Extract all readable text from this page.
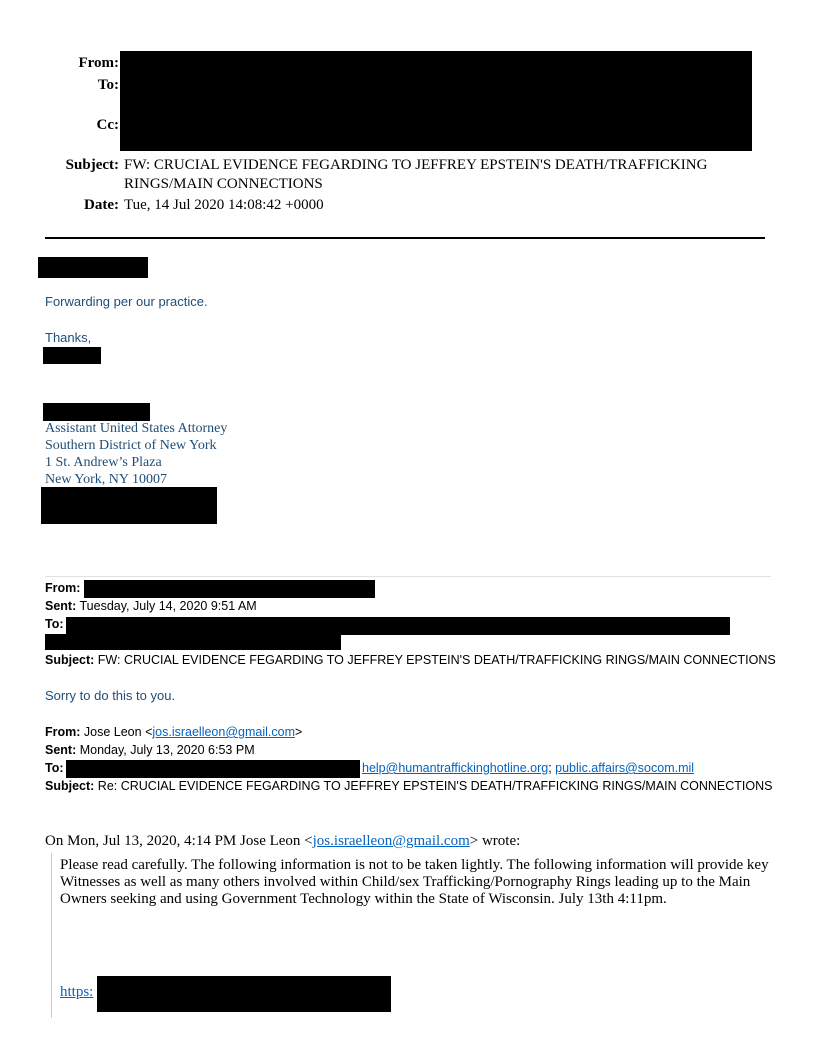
From:
To:
Cc:
Subject: FW: CRUCIAL EVIDENCE FEGARDING TO JEFFREY EPSTEIN'S DEATH/TRAFFICKING
RINGS/MAIN CONNECTIONS
Date: Tue, 14 Jul 2020 14:08:42 +0000
Forwarding per our practice.
Thanks,
Assistant United States Attorney
Southern District of New York
1 St. Andrew’s Plaza
New York, NY 10007
From:
Sent: Tuesday, July 14, 2020 9:51 AM
To:
Subject: FW: CRUCIAL EVIDENCE FEGARDING TO JEFFREY EPSTEIN'S DEATH/TRAFFICKING RINGS/MAIN CONNECTIONS
Sorry to do this to you.
From: Jose Leon <jos.israelleon@gmail.com>
Sent: Monday, July 13, 2020 6:53 PM
To:	help@humantraffickinghotline.org; public.affairs@socom.mil
Subject: Re: CRUCIAL EVIDENCE FEGARDING TO JEFFREY EPSTEIN'S DEATH/TRAFFICKING RINGS/MAIN CONNECTIONS
On Mon, Jul 13, 2020, 4:14 PM Jose Leon <jos.israelleon@gmail.com> wrote:
Please read carefully. The following information is not to be taken lightly. The following information will provide key Witnesses as well as many others involved within Child/sex Trafficking/Pornography Rings leading up to the Main Owners seeking and using Government Technology within the State of Wisconsin. July 13th 4:11pm.
https:
